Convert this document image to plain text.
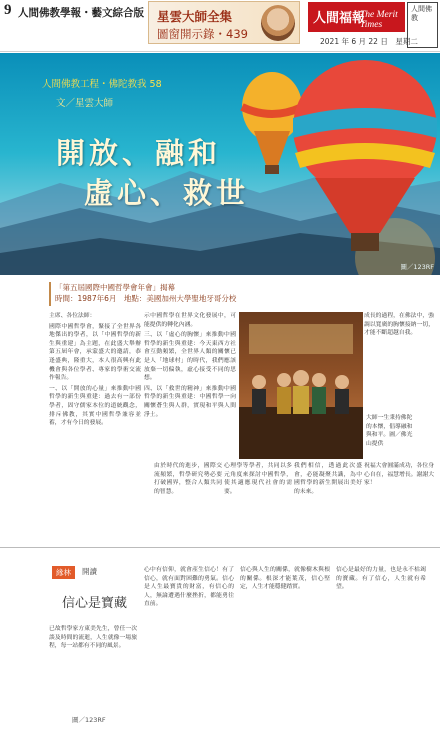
9 人間佛教學報・藝文綜合版 星雲大師全集
圖窗開示錄・439
人間福報
The Merit Times
人間佛教
2021 年 6 月 22 日　星期二
人間佛教工程・佛陀教我 58
文／星雲大師
開放、融和
虛心、救世
圖／123RF
「第五屆國際中國哲學會年會」揭幕
時間：1987年6月　地點：美國加州大學聖地牙哥分校

主席、各位法師：

國際中國哲學會，緊接了全世界各地傑出的學者，以「中國哲學的新生與重建」為主題，在此盛大舉辦第五屆年會，承蒙盛大的邀請，恭逢盛典，隆重大，本人很高興有此機會與各位學者、專家的學術交流作報告。

一、以「開放的心量」來推動中國哲學的新生與重建：過去有一部份學者，固守儒家本位的道統觀念，排斥佛教，其實中國哲學兼容並蓄，才有今日的發展。

示中國哲學在世界文化發展中，可能提供的轉化內涵。

三、以「虛心的胸懷」來推動中國哲學的新生與重建：今天東西方社會互動頻繁，全世界人類的關懷已是人「地球村」的時代，我們應該放棄一切偏執，虛心接受不同的思想。

四、以「救世的精神」來推動中國哲學的新生與重建：中國哲學一向關懷蒼生與人群，實現和平與人間淨土。

成長的過程，在佛法中，強調以寬廣的胸懷接納一切，才能不斷超越自我。
大師一生秉持佛陀的本懷，倡導融和與和平。圖／佛光山提供
由於時代的進步，國際交流頻繁，哲學研究勢必要打破國界，整合人類共同的智慧。
心理學等學者，共同以多元角度來探討中國哲學，使其適應現代社會的需要。
我們相信，透過此次盛會，必能凝聚共識，為中國哲學的新生開展出美好的未來。
祝福大會圓滿成功，各位身心自在，福慧增長。謝謝大家！
緣林	開讀
信心是寶藏
已故哲學家方東美先生，曾任一次談及時間的流逝，人生就像一場旅程，每一站都有不同的風景。
心中有信仰，就會產生信心！有了信心，就有面對困難的勇氣。信心是人生最寶貴的財富，有信心的人，無論遭遇什麼挫折，都能勇往直前。
信心與人生的關係，就像樹木與根的關係。根深才能葉茂，信心堅定，人生才能穩健踏實。
信心是最好的力量，也是永不枯竭的寶藏。有了信心，人生就有希望。
圖／123RF
